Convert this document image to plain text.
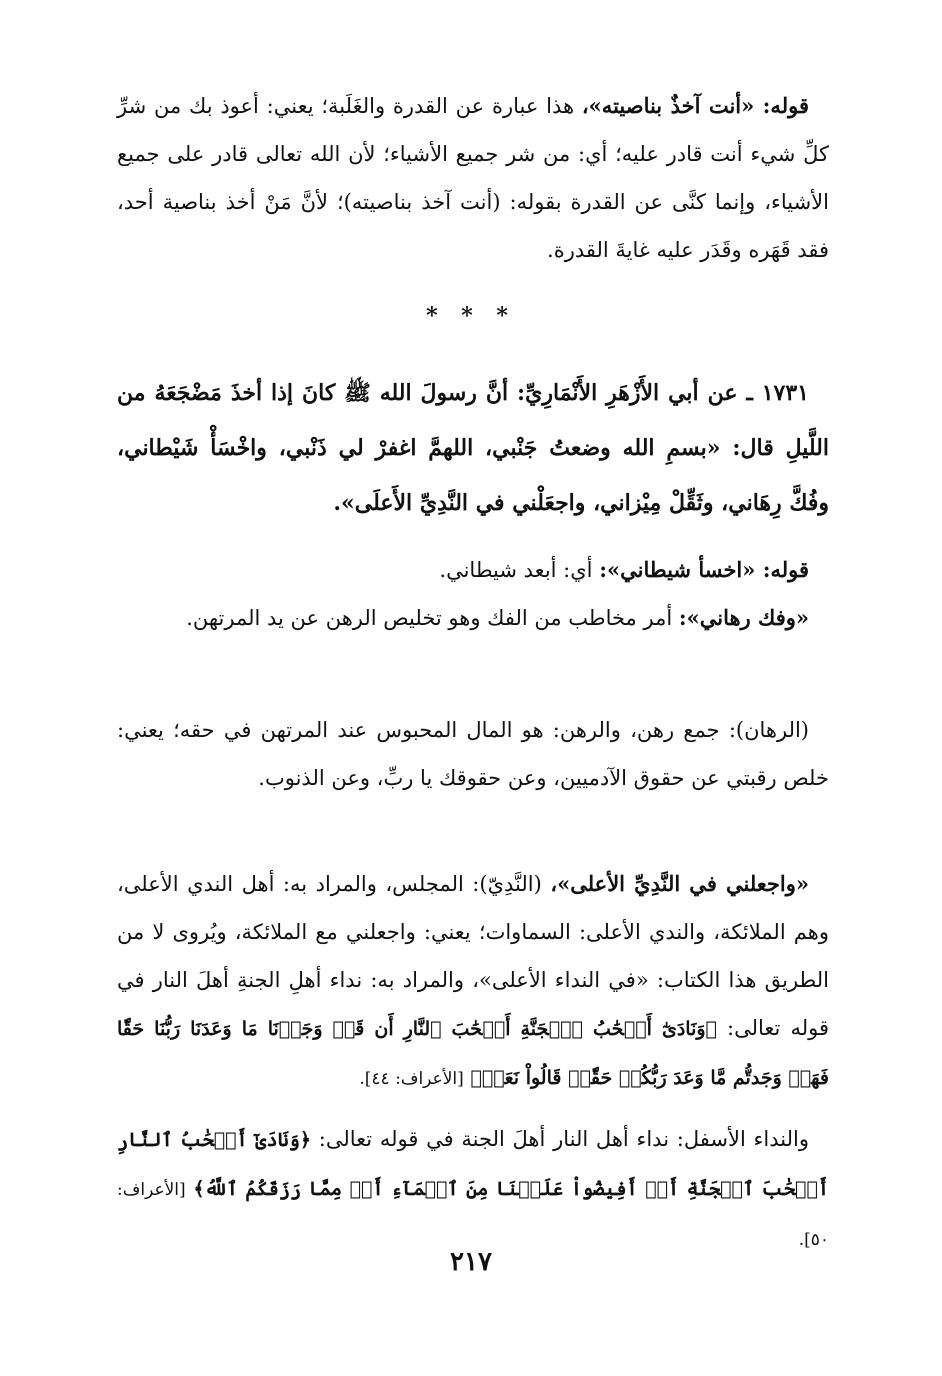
قوله: «أنت آخذٌ بناصيته»، هذا عبارة عن القدرة والغَلَبة؛ يعني: أعوذ بك من شرِّ كلِّ شيء أنت قادر عليه؛ أي: من شر جميع الأشياء؛ لأن الله تعالى قادر على جميع الأشياء، وإنما كنَّى عن القدرة بقوله: (أنت آخذ بناصيته)؛ لأنَّ مَنْ أخذ بناصية أحد، فقد قَهَره وقَدَر عليه غايةَ القدرة.

* * *

١٧٣١ ـ عن أبي الأَزْهَرِ الأَنْمَارِيِّ: أنَّ رسولَ الله ﷺ كانَ إذا أخذَ مَضْجَعَهُ من اللَّيلِ قال: «بسمِ الله وضعتُ جَنْبي، اللهمَّ اغفرْ لي ذَنْبي، واخْسَأْ شَيْطاني، وفُكَّ رِهَاني، وثَقِّلْ مِيْزاني، واجعَلْني في النَّدِيِّ الأَعلَى».

قوله: «اخسأ شيطاني»: أي: أبعد شيطاني.

«وفك رهاني»: أمر مخاطب من الفك وهو تخليص الرهن عن يد المرتهن.

(الرهان): جمع رهن، والرهن: هو المال المحبوس عند المرتهن في حقه؛ يعني: خلص رقبتي عن حقوق الآدميين، وعن حقوقك يا ربِّ، وعن الذنوب.

«واجعلني في النَّدِيِّ الأعلى»، (النَّدِيّ): المجلس، والمراد به: أهل الندي الأعلى، وهم الملائكة، والندي الأعلى: السماوات؛ يعني: واجعلني مع الملائكة، ويُروى لا من الطريق هذا الكتاب: «في النداء الأعلى»، والمراد به: نداء أهلِ الجنةِ أهلَ النار في قوله تعالى: ﴿وَنَادَىٰٓ أَصۡحَٰبُ ٱلۡجَنَّةِ أَصۡحَٰبَ ٱلنَّارِ أَن قَدۡ وَجَدۡنَا مَا وَعَدَنَا رَبُّنَا حَقّٗا فَهَلۡ وَجَدتُّم مَّا وَعَدَ رَبُّكُمۡ حَقّٗاۖ قَالُواْ نَعَمۡ﴾ [الأعراف: ٤٤].

والنداء الأسفل: نداء أهل النار أهلَ الجنة في قوله تعالى: ﴿وَنَادَىٰٓ أَصۡحَٰبُ ٱلنَّارِ أَصۡحَٰبَ ٱلۡجَنَّةِ أَنۡ أَفِيضُواْ عَلَيۡنَا مِنَ ٱلۡمَآءِ أَوۡ مِمَّا رَزَقَكُمُ ٱللَّهُ﴾ [الأعراف: ٥٠].

٢١٧
